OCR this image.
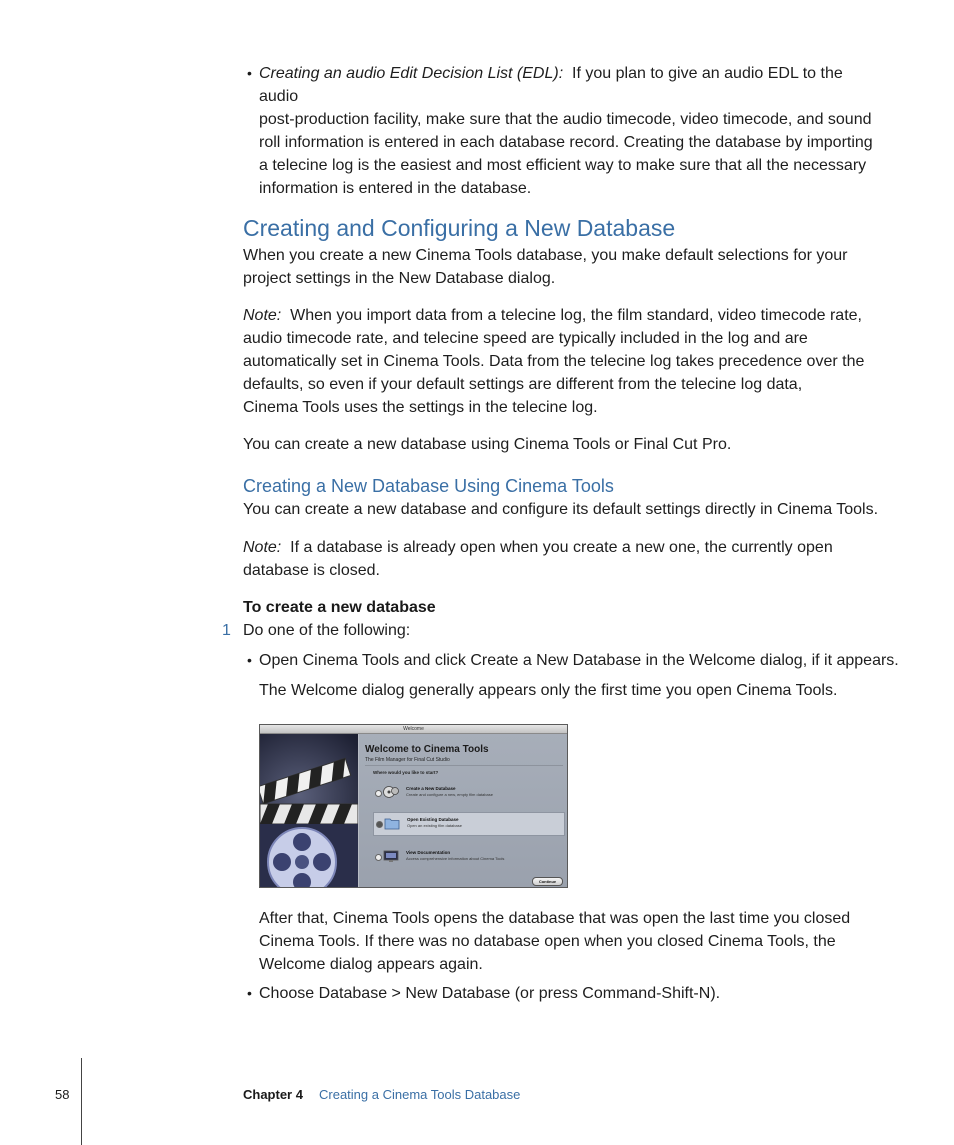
• Creating an audio Edit Decision List (EDL): If you plan to give an audio EDL to the audio
post-production facility, make sure that the audio timecode, video timecode, and sound
roll information is entered in each database record. Creating the database by importing
a telecine log is the easiest and most efficient way to make sure that all the necessary
information is entered in the database.
Creating and Configuring a New Database
When you create a new Cinema Tools database, you make default selections for your
project settings in the New Database dialog.
Note: When you import data from a telecine log, the film standard, video timecode rate,
audio timecode rate, and telecine speed are typically included in the log and are
automatically set in Cinema Tools. Data from the telecine log takes precedence over the
defaults, so even if your default settings are different from the telecine log data,
Cinema Tools uses the settings in the telecine log.
You can create a new database using Cinema Tools or Final Cut Pro.
Creating a New Database Using Cinema Tools
You can create a new database and configure its default settings directly in Cinema Tools.
Note: If a database is already open when you create a new one, the currently open
database is closed.
To create a new database
1 Do one of the following:
• Open Cinema Tools and click Create a New Database in the Welcome dialog, if it appears.
The Welcome dialog generally appears only the first time you open Cinema Tools.
Welcome
Welcome to Cinema Tools
The Film Manager for Final Cut Studio
Where would you like to start?
Create a New Database
Create and configure a new, empty film database
Open Existing Database
Open an existing film database
View Documentation
Access comprehensive information about Cinema Tools
Continue
After that, Cinema Tools opens the database that was open the last time you closed
Cinema Tools. If there was no database open when you closed Cinema Tools, the
Welcome dialog appears again.
• Choose Database > New Database (or press Command-Shift-N).
58	Chapter 4 Creating a Cinema Tools Database
